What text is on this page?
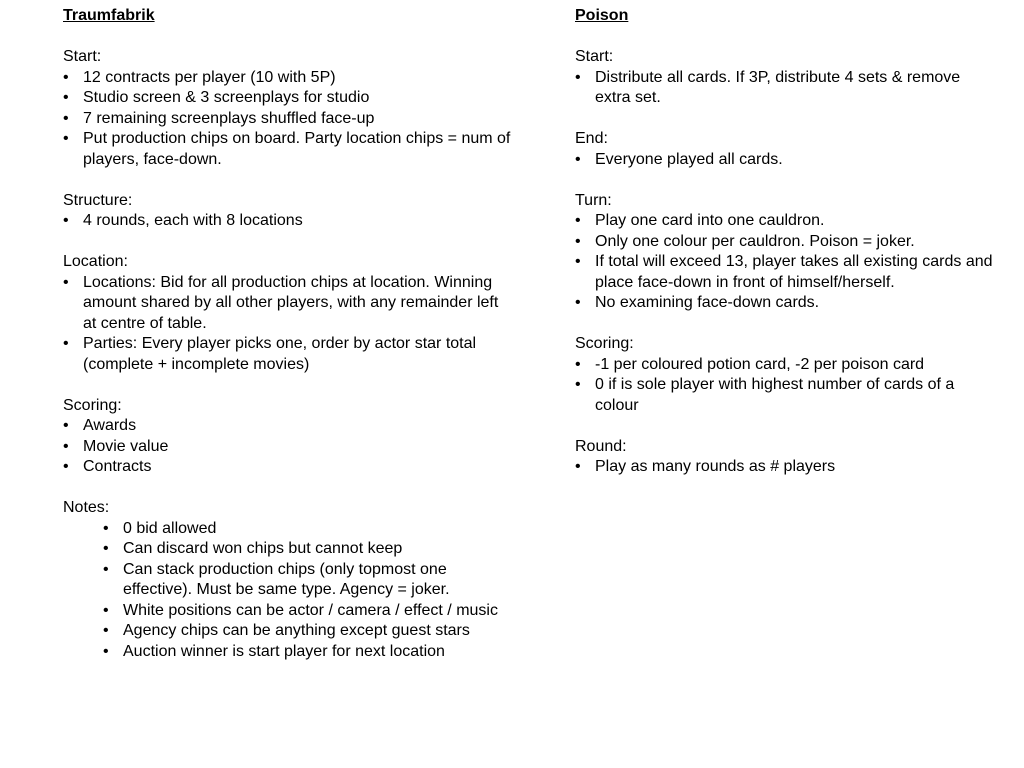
Traumfabrik

Start:

• 12 contracts per player (10 with 5P)
• Studio screen & 3 screenplays for studio
• 7 remaining screenplays shuffled face-up
• Put production chips on board. Party location chips = num of players, face-down.

Structure:

• 4 rounds, each with 8 locations

Location:

• Locations: Bid for all production chips at location. Winning amount shared by all other players, with any remainder left at centre of table.
• Parties: Every player picks one, order by actor star total (complete + incomplete movies)

Scoring:

• Awards
• Movie value
• Contracts

Notes:

• 0 bid allowed
• Can discard won chips but cannot keep
• Can stack production chips (only topmost one effective). Must be same type. Agency = joker.
• White positions can be actor / camera / effect / music
• Agency chips can be anything except guest stars
• Auction winner is start player for next location

Poison

Start:

• Distribute all cards. If 3P, distribute 4 sets & remove extra set.

End:

• Everyone played all cards.

Turn:

• Play one card into one cauldron.
• Only one colour per cauldron. Poison = joker.
• If total will exceed 13, player takes all existing cards and place face-down in front of himself/herself.
• No examining face-down cards.

Scoring:

• -1 per coloured potion card, -2 per poison card
• 0 if is sole player with highest number of cards of a colour

Round:

• Play as many rounds as # players
